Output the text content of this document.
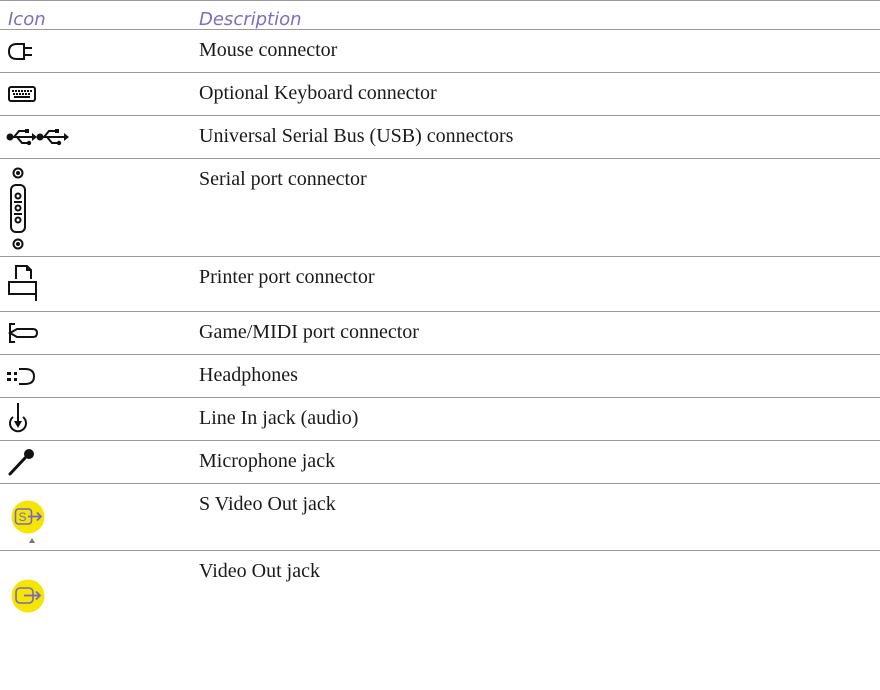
Icon	Description
Mouse connector
Optional Keyboard connector
Universal Serial Bus (USB) connectors
Serial port connector
Printer port connector
Game/MIDI port connector
Headphones
Line In jack (audio)
Microphone jack
S
S Video Out jack
Video Out jack
